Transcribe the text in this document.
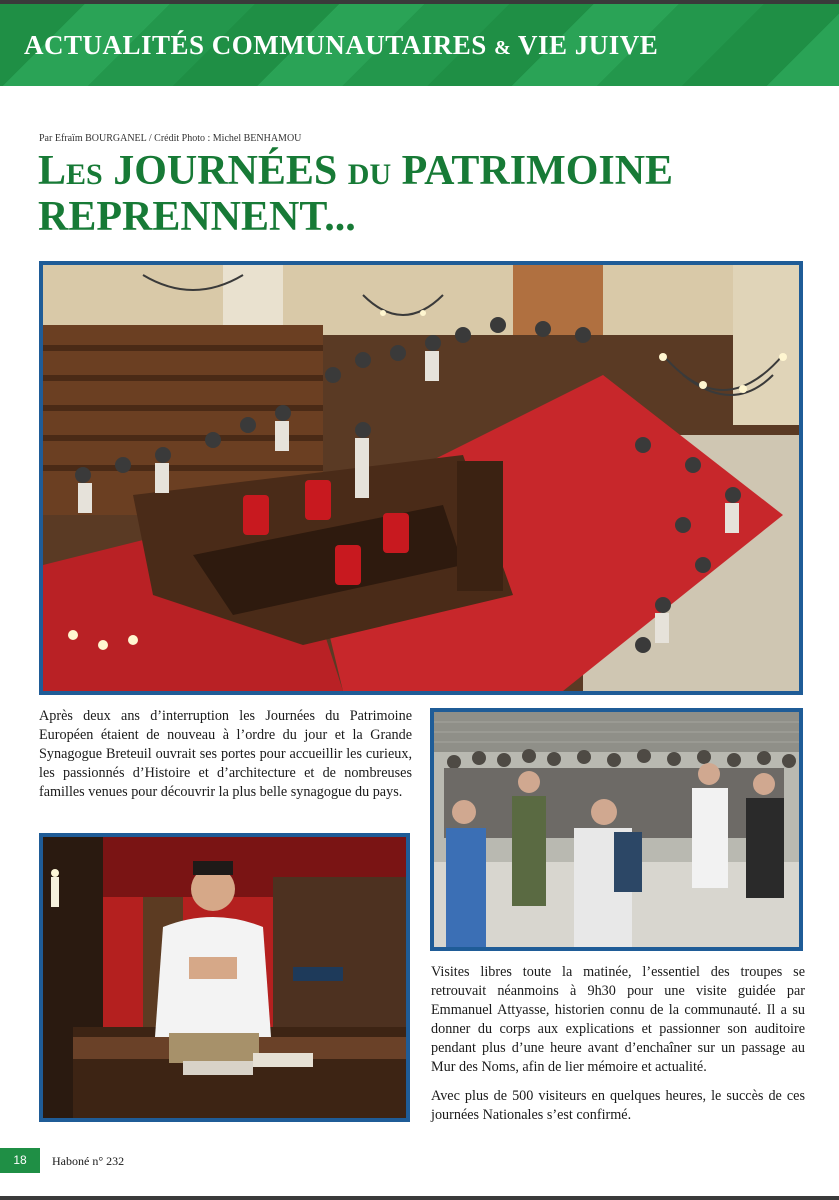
ACTUALITÉS COMMUNAUTAIRES & VIE JUIVE
Par Efraïm BOURGANEL / Crédit Photo : Michel BENHAMOU
LES JOURNÉES DU PATRIMOINE
REPRENNENT...
Après deux ans d’interruption les Journées du Patrimoine Européen étaient de nouveau à l’ordre du jour et la Grande Synagogue Breteuil ouvrait ses portes pour accueillir les curieux, les passionnés d’Histoire et d’architecture et de nombreuses familles venues pour découvrir la plus belle synagogue du pays.
Visites libres toute la matinée, l’essentiel des troupes se retrouvait néanmoins à 9h30 pour une visite guidée par Emmanuel Attyasse, historien connu de la communauté. Il a su donner du corps aux explications et passionner son auditoire pendant plus d’une heure avant d’enchaîner sur un passage au Mur des Noms, afin de lier mémoire et actualité.
Avec plus de 500 visiteurs en quelques heures, le succès de ces journées Nationales s’est confirmé.
18	Haboné n° 232
